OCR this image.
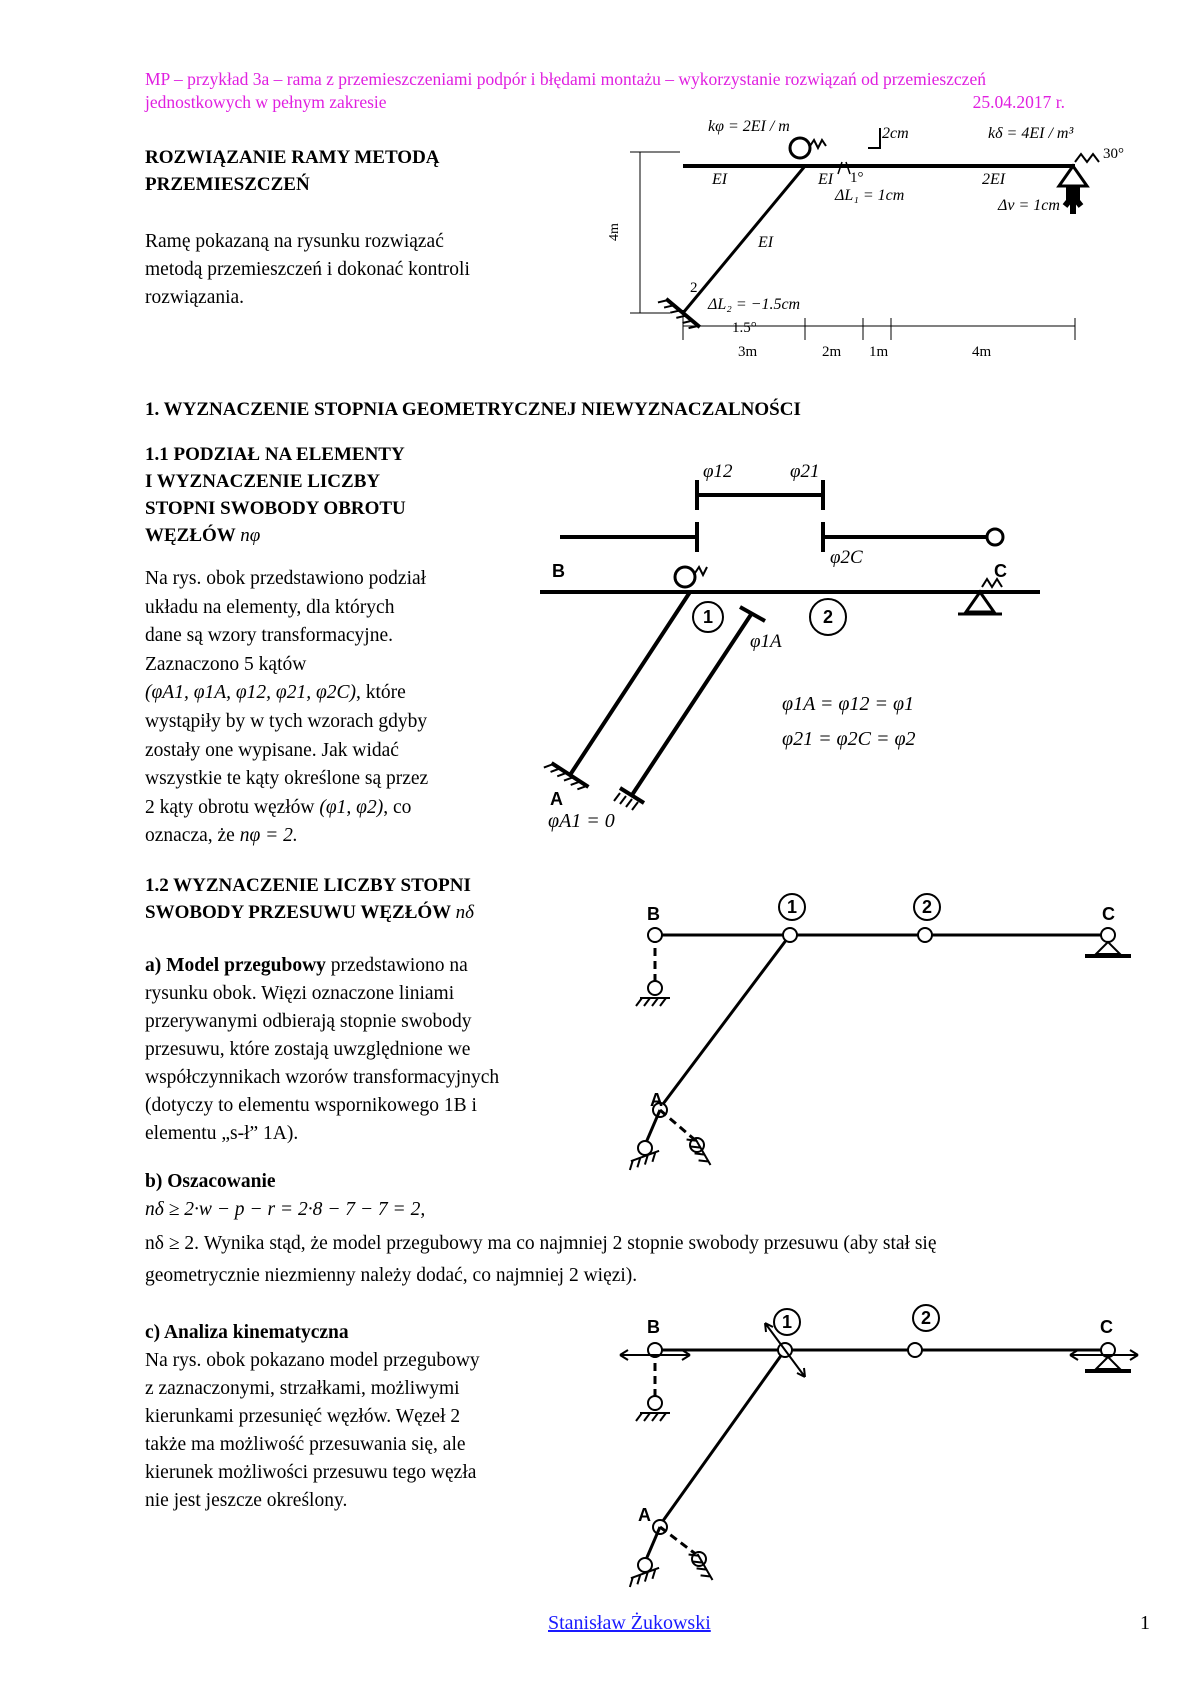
MP – przykład 3a – rama z przemieszczeniami podpór i błędami montażu – wykorzystanie rozwiązań od przemieszczeń
jednostkowych w pełnym zakresie	25.04.2017 r.
ROZWIĄZANIE RAMY METODĄ
PRZEMIESZCZEŃ
Ramę pokazaną na rysunku rozwiązać
metodą przemieszczeń i dokonać kontroli
rozwiązania.
kφ = 2EI / m	2cm	kδ = 4EI / m³
30°
EI	EI	2EI
1°
ΔL₁ = 1cm
Δv = 1cm
EI
4m
2
ΔL₂ = −1.5cm
1.5°
3m	2m 1m	4m
1. WYZNACZENIE STOPNIA GEOMETRYCZNEJ NIEWYZNACZALNOŚCI
1.1 PODZIAŁ NA ELEMENTY
I WYZNACZENIE LICZBY
STOPNI SWOBODY OBROTU
WĘZŁÓW nφ
Na rys. obok przedstawiono podział
układu na elementy, dla których
dane są wzory transformacyjne.
Zaznaczono 5 kątów
(φA1, φ1A, φ12, φ21, φ2C), które
wystąpiły by w tych wzorach gdyby
zostały one wypisane. Jak widać
wszystkie te kąty określone są przez
2 kąty obrotu węzłów (φ1, φ2), co
oznacza, że nφ = 2.
1	2
B	C
A
φ12	φ21
φ2C
φ1A
φ1A = φ12 = φ1
φ21 = φ2C = φ2
φA1 = 0
1.2 WYZNACZENIE LICZBY STOPNI
SWOBODY PRZESUWU WĘZŁÓW nδ
a) Model przegubowy przedstawiono na
rysunku obok. Więzi oznaczone liniami
przerywanymi odbierają stopnie swobody
przesuwu, które zostają uwzględnione we
współczynnikach wzorów transformacyjnych
(dotyczy to elementu wspornikowego 1B i
elementu „s-ł” 1A).
b) Oszacowanie
nδ ≥ 2·w − p − r = 2·8 − 7 − 7 = 2,
nδ ≥ 2. Wynika stąd, że model przegubowy ma co najmniej 2 stopnie swobody przesuwu (aby stał się
geometrycznie niezmienny należy dodać, co najmniej 2 więzi).
c) Analiza kinematyczna
Na rys. obok pokazano model przegubowy
z zaznaczonymi, strzałkami, możliwymi
kierunkami przesunięć węzłów. Węzeł 2
także ma możliwość przesuwania się, ale
kierunek możliwości przesuwu tego węzła
nie jest jeszcze określony.
1	2
B	C
A
1	2
B	C
A
Stanisław Żukowski	1
